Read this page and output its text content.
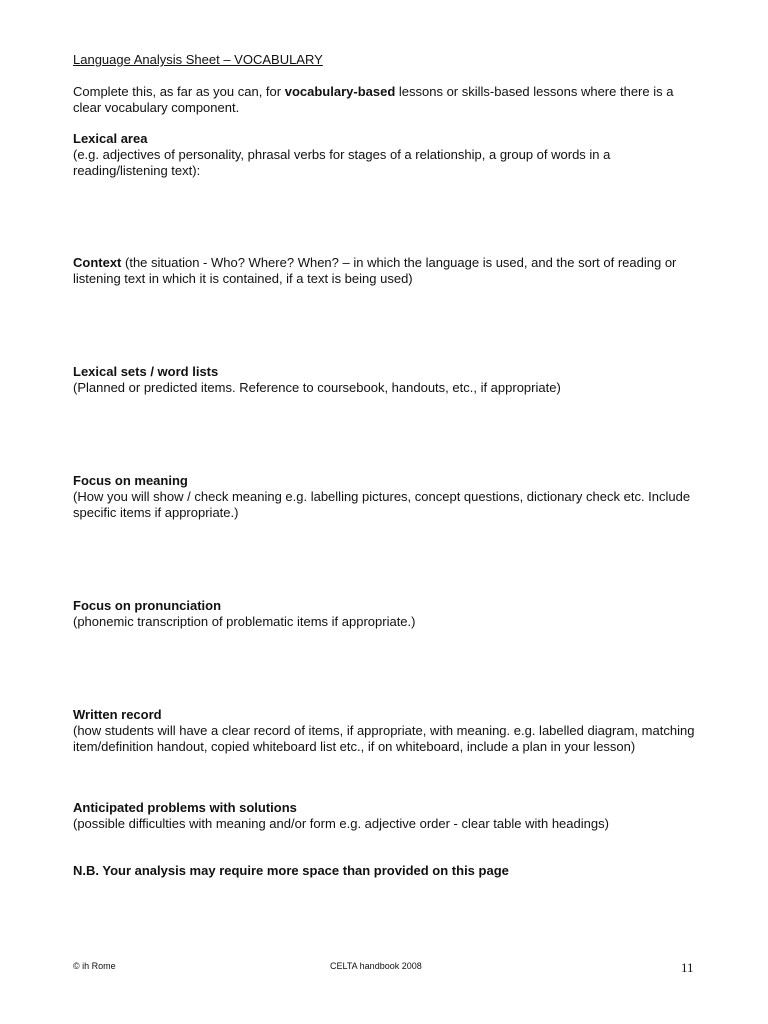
Language Analysis Sheet – VOCABULARY
Complete this, as far as you can, for vocabulary-based lessons or skills-based lessons where there is a clear vocabulary component.
Lexical area
(e.g. adjectives of personality, phrasal verbs for stages of a relationship, a group of words in a reading/listening text):
Context (the situation - Who? Where? When? – in which the language is used, and the sort of reading or listening text in which it is contained, if a text is being used)
Lexical sets / word lists
(Planned or predicted items. Reference to coursebook, handouts, etc., if appropriate)
Focus on meaning
(How you will show / check meaning e.g. labelling pictures, concept questions, dictionary check etc. Include specific items if appropriate.)
Focus on pronunciation
(phonemic transcription of problematic items if appropriate.)
Written record
(how students will have a clear record of items, if appropriate, with meaning. e.g. labelled diagram, matching item/definition handout, copied whiteboard list etc., if on whiteboard, include a plan in your lesson)
Anticipated problems with solutions
(possible difficulties with meaning and/or form e.g. adjective order - clear table with headings)
N.B. Your analysis may require more space than provided on this page
© ih Rome	CELTA handbook 2008	11
